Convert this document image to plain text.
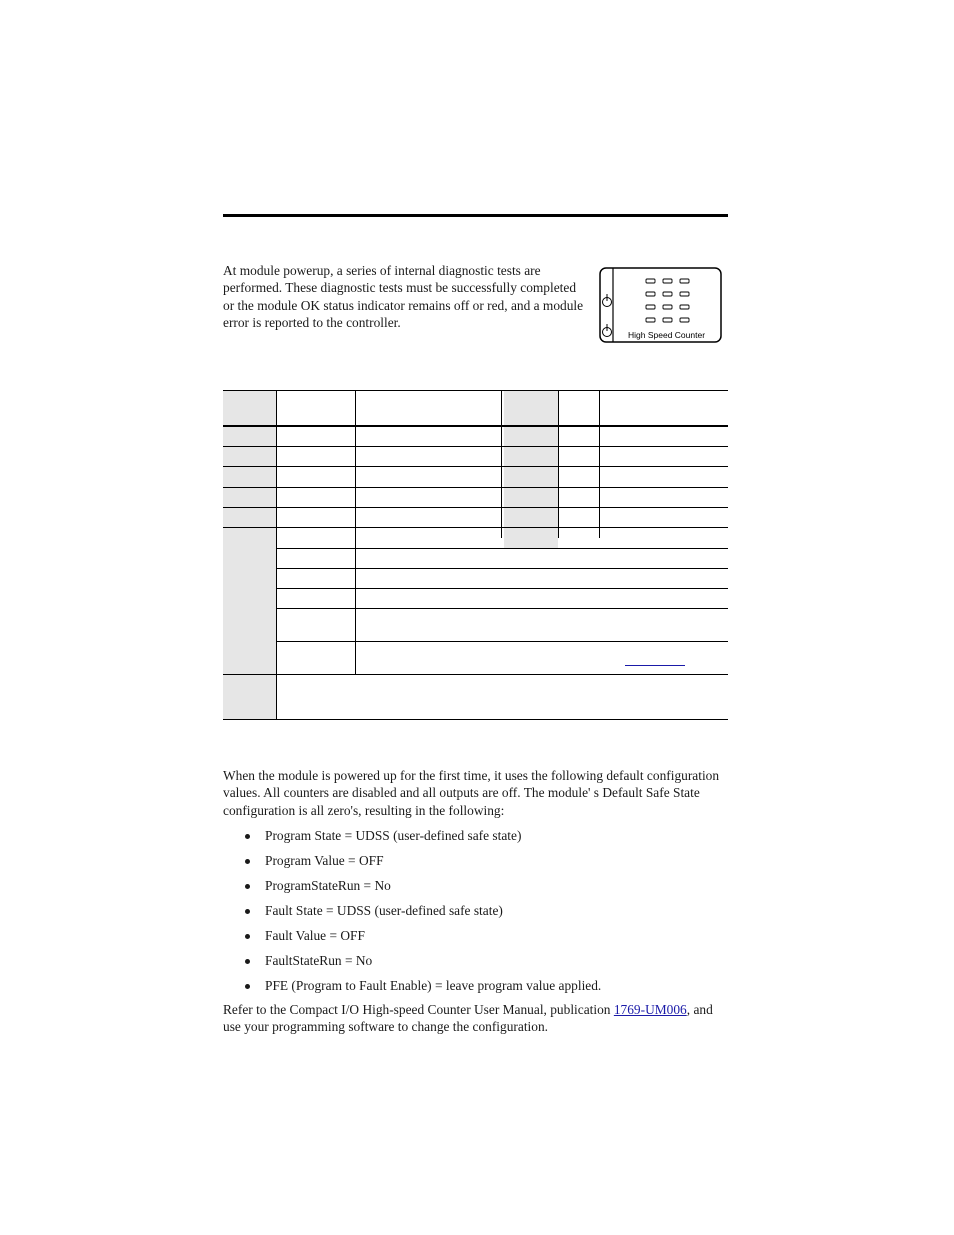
At module powerup, a series of internal diagnostic tests are performed. These diagnostic tests must be successfully completed or the module OK status indicator remains off or red, and a module error is reported to the controller.

High Speed Counter

When the module is powered up for the first time, it uses the following default configuration values. All counters are disabled and all outputs are off. The module' s Default Safe State configuration is all zero's, resulting in the following:

Program State = UDSS (user-defined safe state)
Program Value = OFF
ProgramStateRun = No
Fault State = UDSS (user-defined safe state)
Fault Value = OFF
FaultStateRun = No
PFE (Program to Fault Enable) = leave program value applied.

Refer to the Compact I/O High-speed Counter User Manual, publication 1769-UM006, and use your programming software to change the configuration.
